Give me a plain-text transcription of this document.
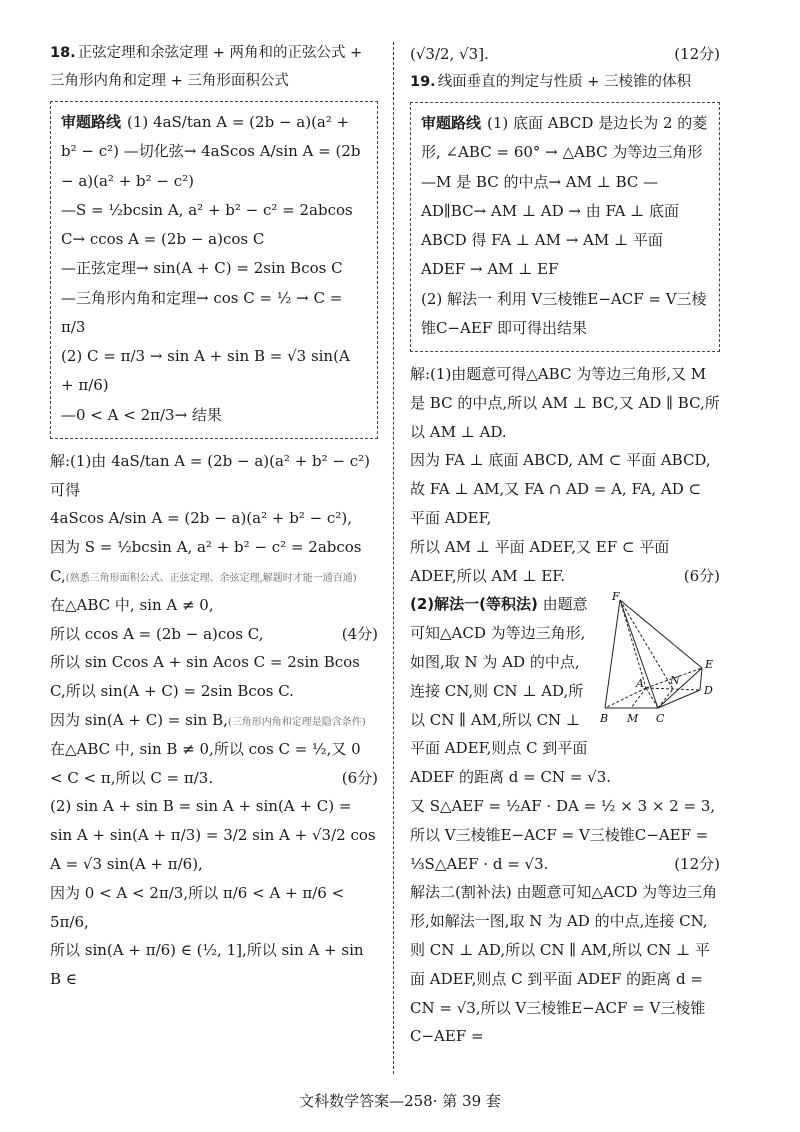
18. 正弦定理和余弦定理 + 两角和的正弦公式 + 三角形内角和定理 + 三角形面积公式

审题路线 (1) 4aS/tan A = (2b − a)(a² + b² − c²) —切化弦→ 4aScos A/sin A = (2b − a)(a² + b² − c²)

—S = ½bcsin A, a² + b² − c² = 2abcos C→ ccos A = (2b − a)cos C

—正弦定理→ sin(A + C) = 2sin Bcos C

—三角形内角和定理→ cos C = ½ → C = π/3

(2) C = π/3 → sin A + sin B = √3 sin(A + π/6)

—0 < A < 2π/3→ 结果

解:(1)由 4aS/tan A = (2b − a)(a² + b² − c²) 可得

4aScos A/sin A = (2b − a)(a² + b² − c²),

因为 S = ½bcsin A, a² + b² − c² = 2abcos C,(熟悉三角形面积公式、正弦定理、余弦定理,解题时才能一通百通)

在△ABC 中, sin A ≠ 0,

所以 ccos A = (2b − a)cos C,	(4分)

所以 sin Ccos A + sin Acos C = 2sin Bcos C,所以 sin(A + C) = 2sin Bcos C.

因为 sin(A + C) = sin B,(三角形内角和定理是隐含条件)

在△ABC 中, sin B ≠ 0,所以 cos C = ½,又 0 < C < π,所以 C = π/3.	(6分)

(2) sin A + sin B = sin A + sin(A + C) = sin A + sin(A + π/3) = 3/2 sin A + √3/2 cos A = √3 sin(A + π/6),

因为 0 < A < 2π/3,所以 π/6 < A + π/6 < 5π/6,

所以 sin(A + π/6) ∈ (½, 1],所以 sin A + sin B ∈

(√3/2, √3].	(12分)

19. 线面垂直的判定与性质 + 三棱锥的体积

审题路线 (1) 底面 ABCD 是边长为 2 的菱形, ∠ABC = 60° → △ABC 为等边三角形

—M 是 BC 的中点→ AM ⊥ BC —AD∥BC→ AM ⊥ AD → 由 FA ⊥ 底面 ABCD 得 FA ⊥ AM → AM ⊥ 平面 ADEF → AM ⊥ EF

(2) 解法一 利用 V三棱锥E−ACF = V三棱锥C−AEF 即可得出结果

解:(1)由题意可得△ABC 为等边三角形,又 M 是 BC 的中点,所以 AM ⊥ BC,又 AD ∥ BC,所以 AM ⊥ AD.

因为 FA ⊥ 底面 ABCD, AM ⊂ 平面 ABCD,故 FA ⊥ AM,又 FA ∩ AD = A, FA, AD ⊂ 平面 ADEF,

所以 AM ⊥ 平面 ADEF,又 EF ⊂ 平面 ADEF,所以 AM ⊥ EF.	(6分)

F
E
A N
D
B M C

(2)解法一(等积法) 由题意可知△ACD 为等边三角形,如图,取 N 为 AD 的中点,连接 CN,则 CN ⊥ AD,所以 CN ∥ AM,所以 CN ⊥ 平面 ADEF,则点 C 到平面 ADEF 的距离 d = CN = √3.

又 S△AEF = ½AF · DA = ½ × 3 × 2 = 3,

所以 V三棱锥E−ACF = V三棱锥C−AEF = ⅓S△AEF · d = √3.	(12分)

解法二(割补法) 由题意可知△ACD 为等边三角形,如解法一图,取 N 为 AD 的中点,连接 CN,则 CN ⊥ AD,所以 CN ∥ AM,所以 CN ⊥ 平面 ADEF,则点 C 到平面 ADEF 的距离 d = CN = √3,所以 V三棱锥E−ACF = V三棱锥C−AEF =

文科数学答案—258· 第 39 套
